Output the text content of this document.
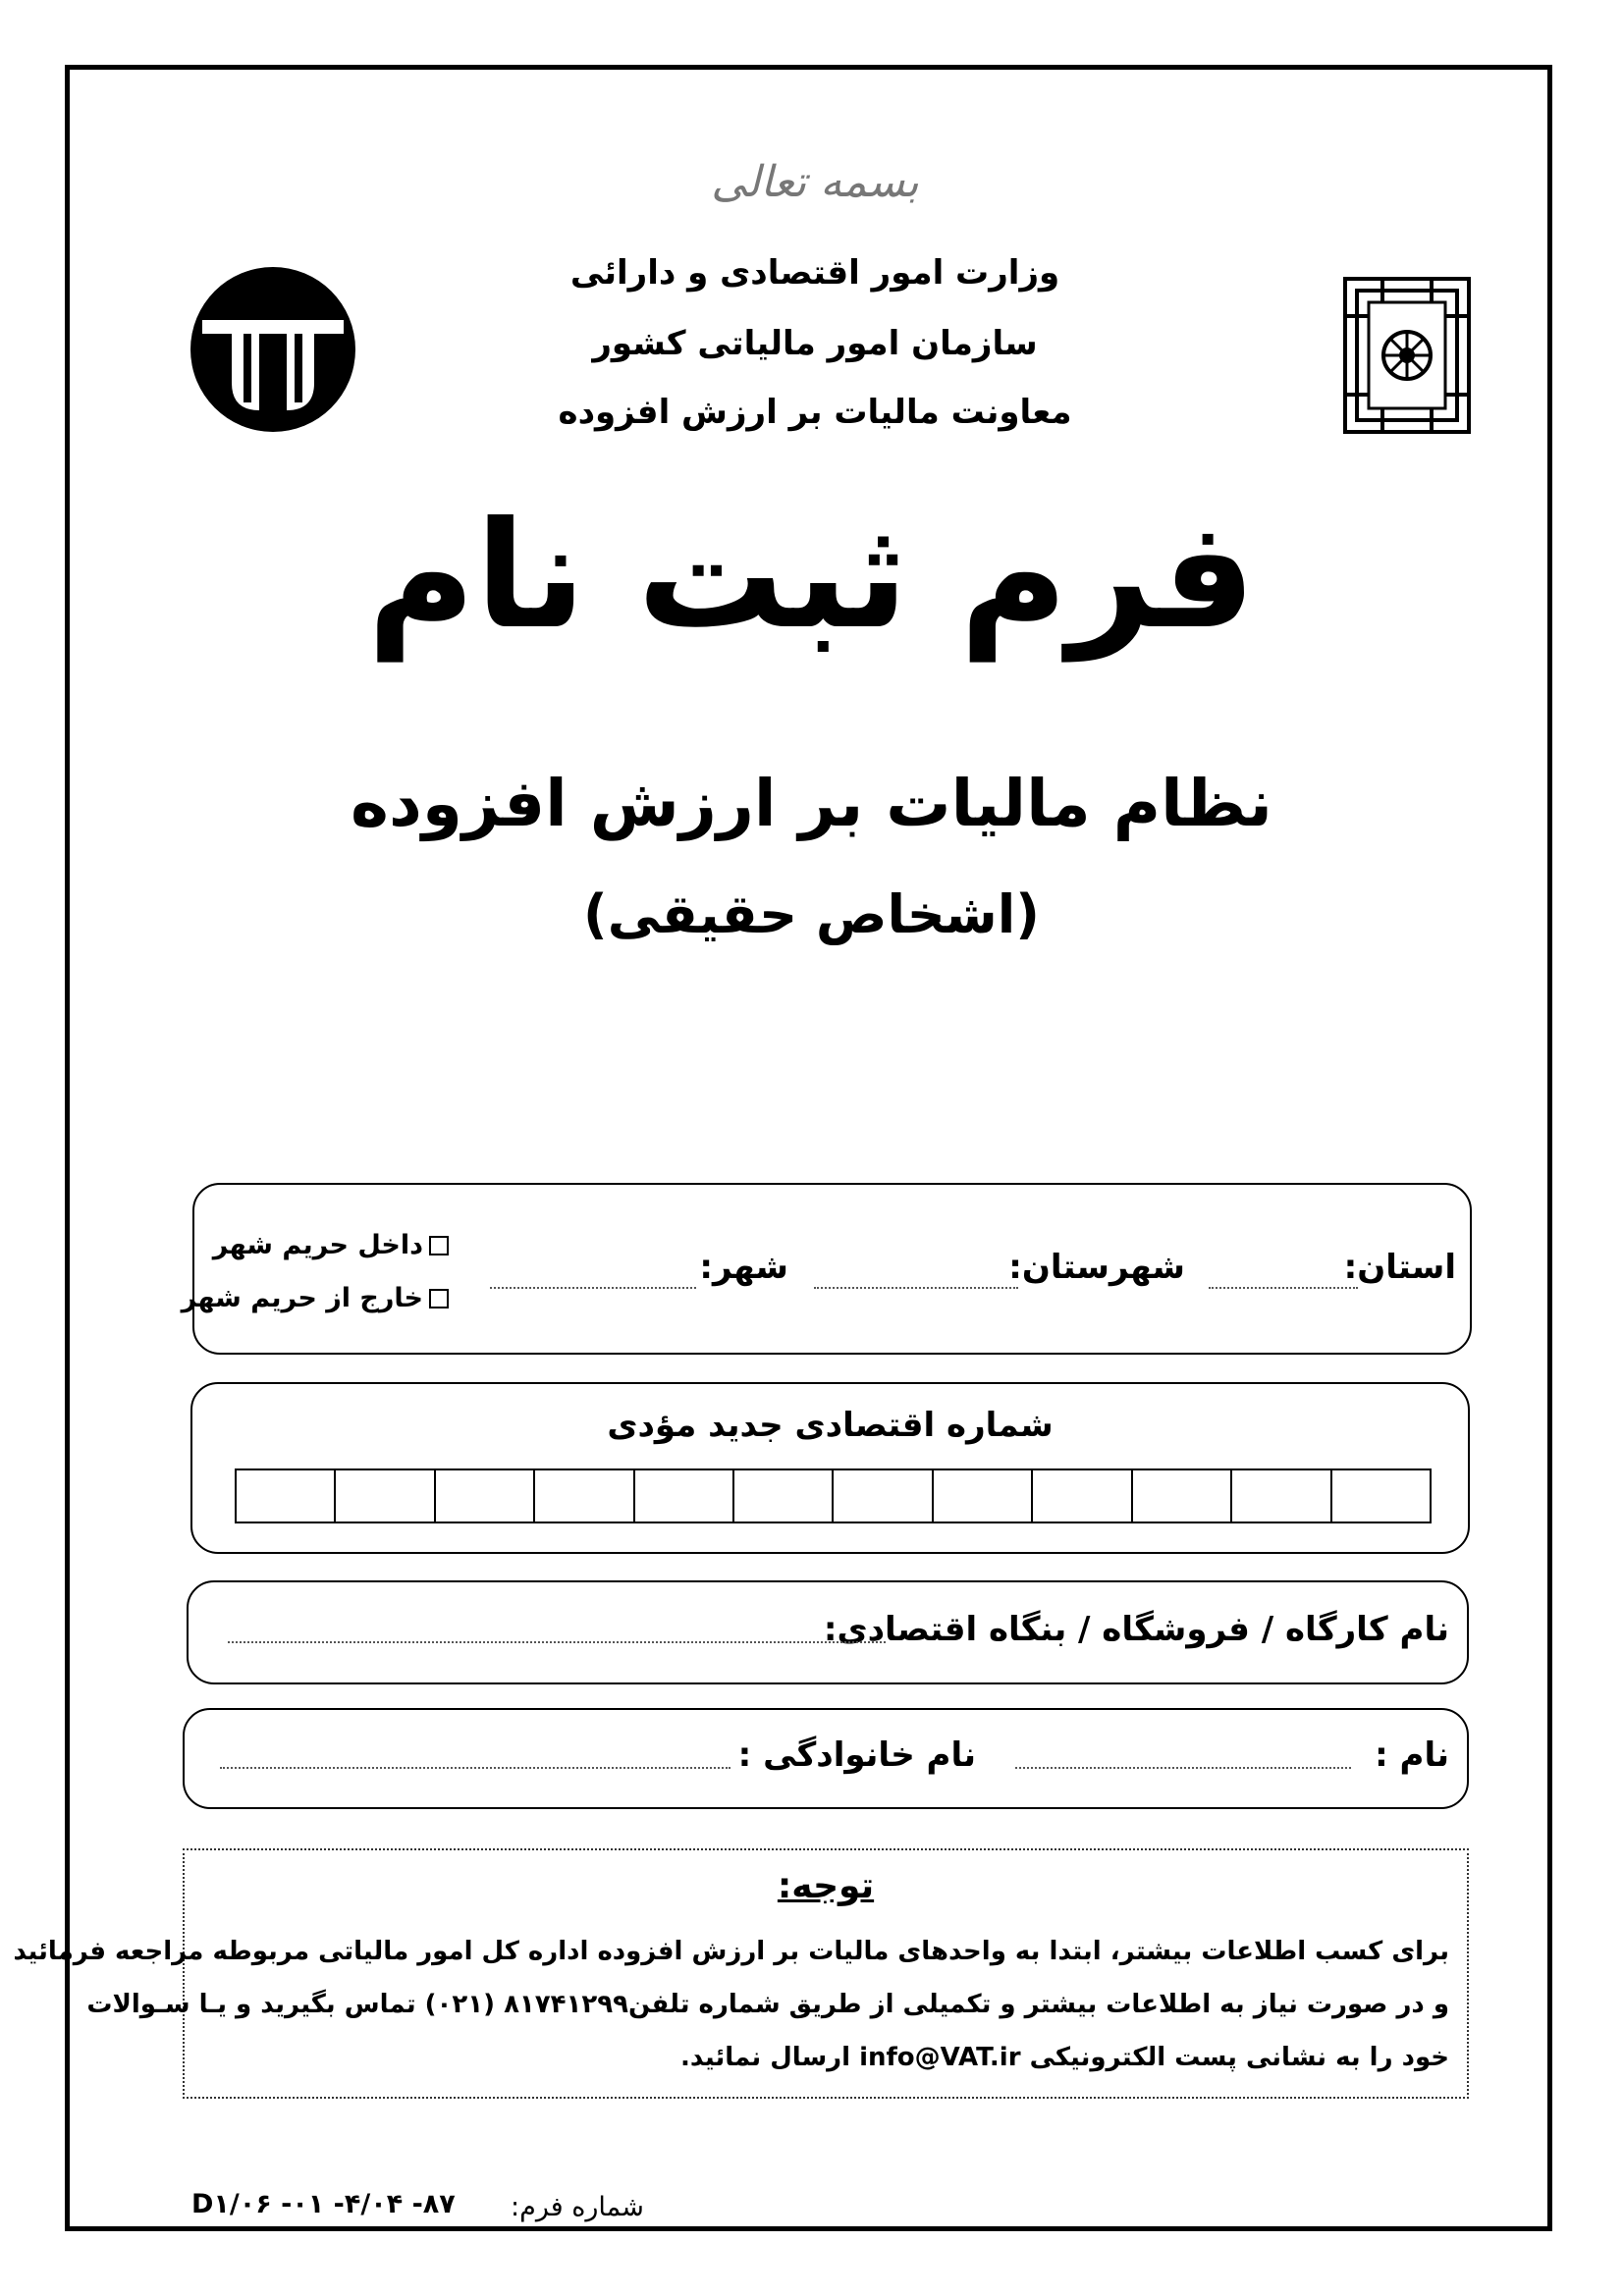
بسمه تعالی
وزارت امور اقتصادی و دارائی
سازمان امور مالیاتی کشور
معاونت مالیات بر ارزش افزوده
فرم ثبت نام
نظام مالیات بر ارزش افزوده
(اشخاص حقیقی)
استان:
شهرستان:
شهر:
داخل حریم شهر
خارج از حریم شهر
شماره اقتصادی جدید مؤدی
نام کارگاه / فروشگاه / بنگاه اقتصادی:
نام :
نام خانوادگی :
توجه:
برای کسب اطلاعات بیشتر، ابتدا به واحدهای مالیات بر ارزش افزوده اداره کل امور مالیاتی مربوطه مراجعه فرمائید
و در صورت نیاز به اطلاعات بیشتر و تکمیلی از طریق شماره تلفن۸۱۷۴۱۲۹۹ (۰۲۱) تماس بگیرید و یـا سـوالات
خود را به نشانی پست الکترونیکی info@VAT.ir ارسال نمائید.
شماره فرم:
D۱/۰۶ -۰۱ -۴/۰۴ -۸۷
